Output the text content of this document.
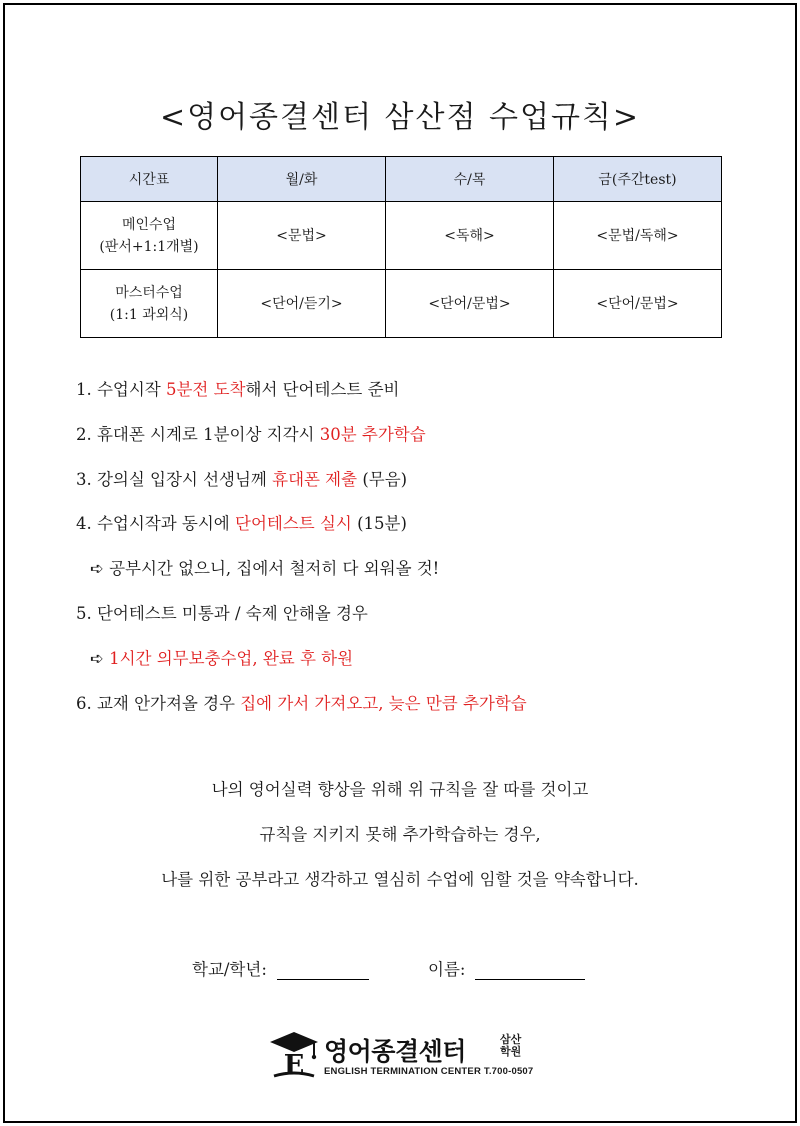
<영어종결센터 삼산점 수업규칙>
시간표	월/화	수/목	금(주간test)

메인수업
(판서+1:1개별)	<문법>	<독해>	<문법/독해>

마스터수업
(1:1 과외식)	<단어/듣기>	<단어/문법>	<단어/문법>
1. 수업시작 5분전 도착해서 단어테스트 준비
2. 휴대폰 시계로 1분이상 지각시 30분 추가학습
3. 강의실 입장시 선생님께 휴대폰 제출 (무음)
4. 수업시작과 동시에 단어테스트 실시 (15분)
➪ 공부시간 없으니, 집에서 철저히 다 외워올 것!
5. 단어테스트 미통과 / 숙제 안해올 경우
➪ 1시간 의무보충수업, 완료 후 하원
6. 교재 안가져올 경우 집에 가서 가져오고, 늦은 만큼 추가학습
나의 영어실력 향상을 위해 위 규칙을 잘 따를 것이고
규칙을 지키지 못해 추가학습하는 경우,
나를 위한 공부라고 생각하고 열심히 수업에 임할 것을 약속합니다.
학교/학년:	이름:
E 영어종결센터	삼산
학원
ENGLISH TERMINATION CENTER T.700-0507
